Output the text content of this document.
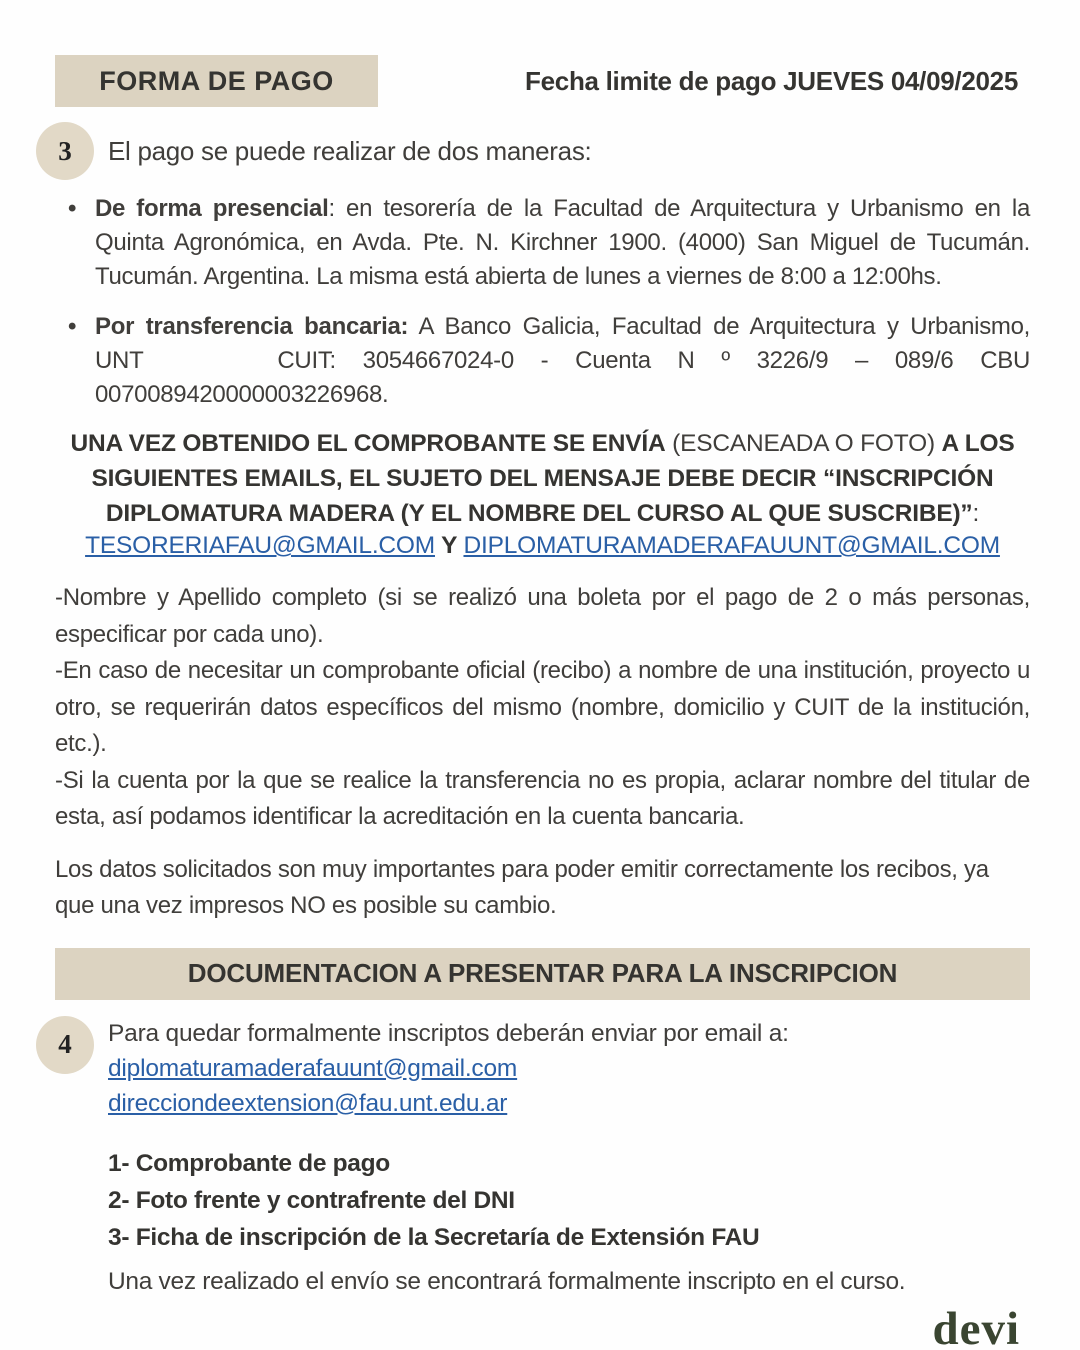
FORMA DE PAGO	Fecha limite de pago JUEVES 04/09/2025
3 El pago se puede realizar de dos maneras:

• De forma presencial: en tesorería de la Facultad de Arquitectura y Urbanismo en la Quinta Agronómica, en Avda. Pte. N. Kirchner 1900. (4000) San Miguel de Tucumán. Tucumán. Argentina. La misma está abierta de lunes a viernes de 8:00 a 12:00hs.
• Por transferencia bancaria: A Banco Galicia, Facultad de Arquitectura y Urbanismo, UNT     CUIT: 3054667024-0 - Cuenta N º 3226/9 – 089/6 CBU 0070089420000003226968.

UNA VEZ OBTENIDO EL COMPROBANTE SE ENVÍA (ESCANEADA O FOTO) A LOS SIGUIENTES EMAILS, EL SUJETO DEL MENSAJE DEBE DECIR “INSCRIPCIÓN DIPLOMATURA MADERA (Y EL NOMBRE DEL CURSO AL QUE SUSCRIBE)”:

TESORERIAFAU@GMAIL.COM Y DIPLOMATURAMADERAFAUUNT@GMAIL.COM

-Nombre y Apellido completo (si se realizó una boleta por el pago de 2 o más personas, especificar por cada uno).

-En caso de necesitar un comprobante oficial (recibo) a nombre de una institución, proyecto u otro, se requerirán datos específicos del mismo (nombre, domicilio y CUIT de la institución, etc.).

-Si la cuenta por la que se realice la transferencia no es propia, aclarar nombre del titular de esta, así podamos identificar la acreditación en la cuenta bancaria.

Los datos solicitados son muy importantes para poder emitir correctamente los recibos, ya que una vez impresos NO es posible su cambio.

DOCUMENTACION A PRESENTAR PARA LA INSCRIPCION
4 Para quedar formalmente inscriptos deberán enviar por email a:

diplomaturamaderafauunt@gmail.com

direcciondeextension@fau.unt.edu.ar

1- Comprobante de pago

2- Foto frente y contrafrente del DNI

3- Ficha de inscripción de la Secretaría de Extensión FAU

Una vez realizado el envío se encontrará formalmente inscripto en el curso.

devi
